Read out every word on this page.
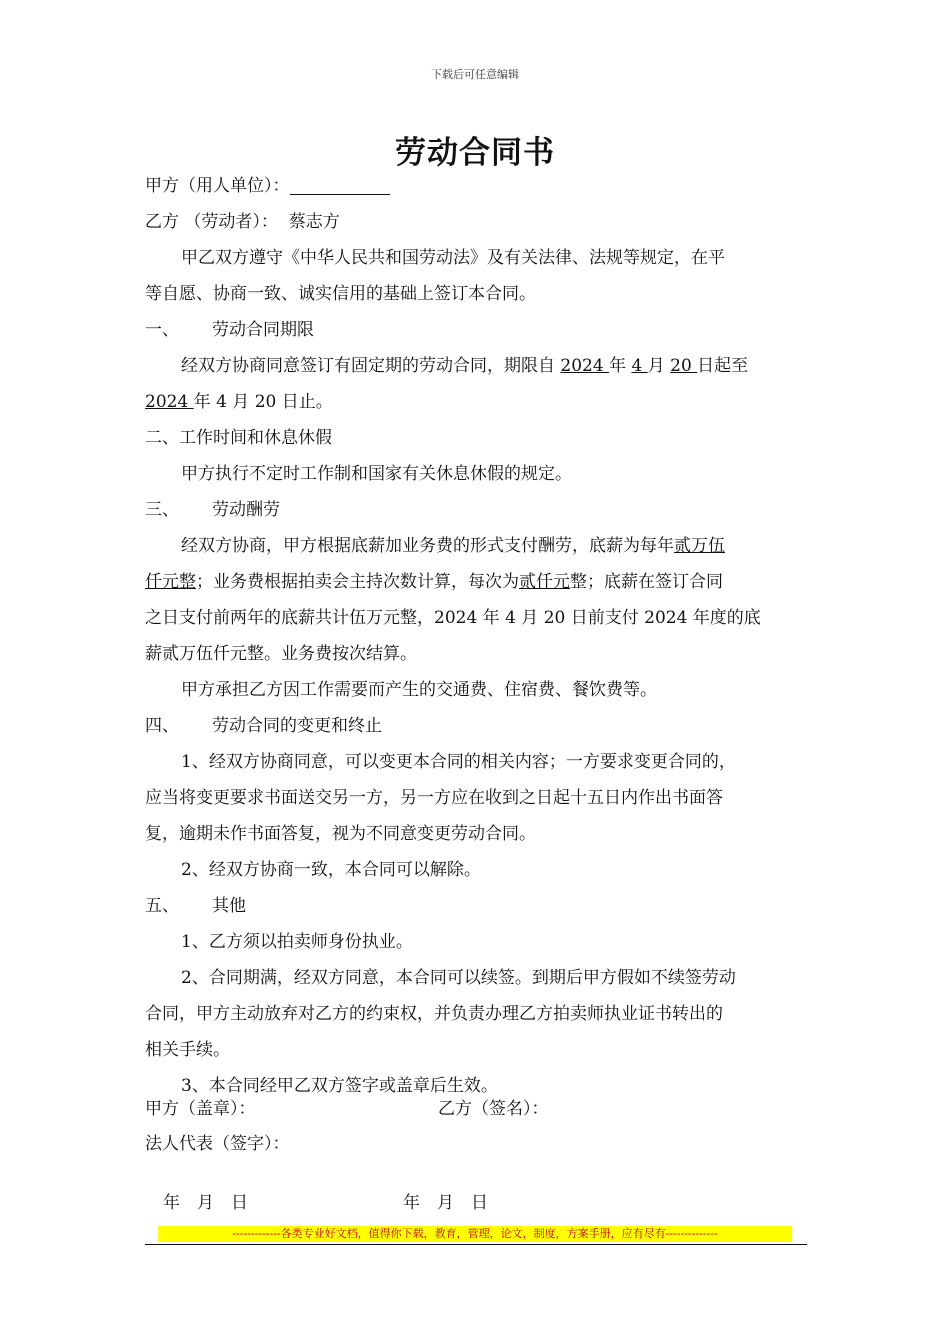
下载后可任意编辑
劳动合同书
甲方（用人单位）：
乙方 （劳动者）： 蔡志方
甲乙双方遵守《中华人民共和国劳动法》及有关法律、法规等规定，在平
等自愿、协商一致、诚实信用的基础上签订本合同。
一、 劳动合同期限
经双方协商同意签订有固定期的劳动合同，期限自 2024 年 4 月 20 日起至
2024 年 4 月 20 日止。
二、工作时间和休息休假
甲方执行不定时工作制和国家有关休息休假的规定。
三、 劳动酬劳
经双方协商，甲方根据底薪加业务费的形式支付酬劳，底薪为每年贰万伍
仟元整；业务费根据拍卖会主持次数计算，每次为贰仟元整；底薪在签订合同
之日支付前两年的底薪共计伍万元整，2024 年 4 月 20 日前支付 2024 年度的底
薪贰万伍仟元整。业务费按次结算。
甲方承担乙方因工作需要而产生的交通费、住宿费、餐饮费等。
四、 劳动合同的变更和终止
1、经双方协商同意，可以变更本合同的相关内容；一方要求变更合同的，
应当将变更要求书面送交另一方，另一方应在收到之日起十五日内作出书面答
复，逾期未作书面答复，视为不同意变更劳动合同。
2、经双方协商一致，本合同可以解除。
五、 其他
1、乙方须以拍卖师身份执业。
2、合同期满，经双方同意，本合同可以续签。到期后甲方假如不续签劳动
合同，甲方主动放弃对乙方的约束权，并负责办理乙方拍卖师执业证书转出的
相关手续。
3、本合同经甲乙双方签字或盖章后生效。
甲方（盖章）：	乙方（签名）：
法人代表（签字）：
年　月　日	年　月　日
-------------各类专业好文档，值得你下载，教育，管理，论文，制度，方案手册，应有尽有--------------
